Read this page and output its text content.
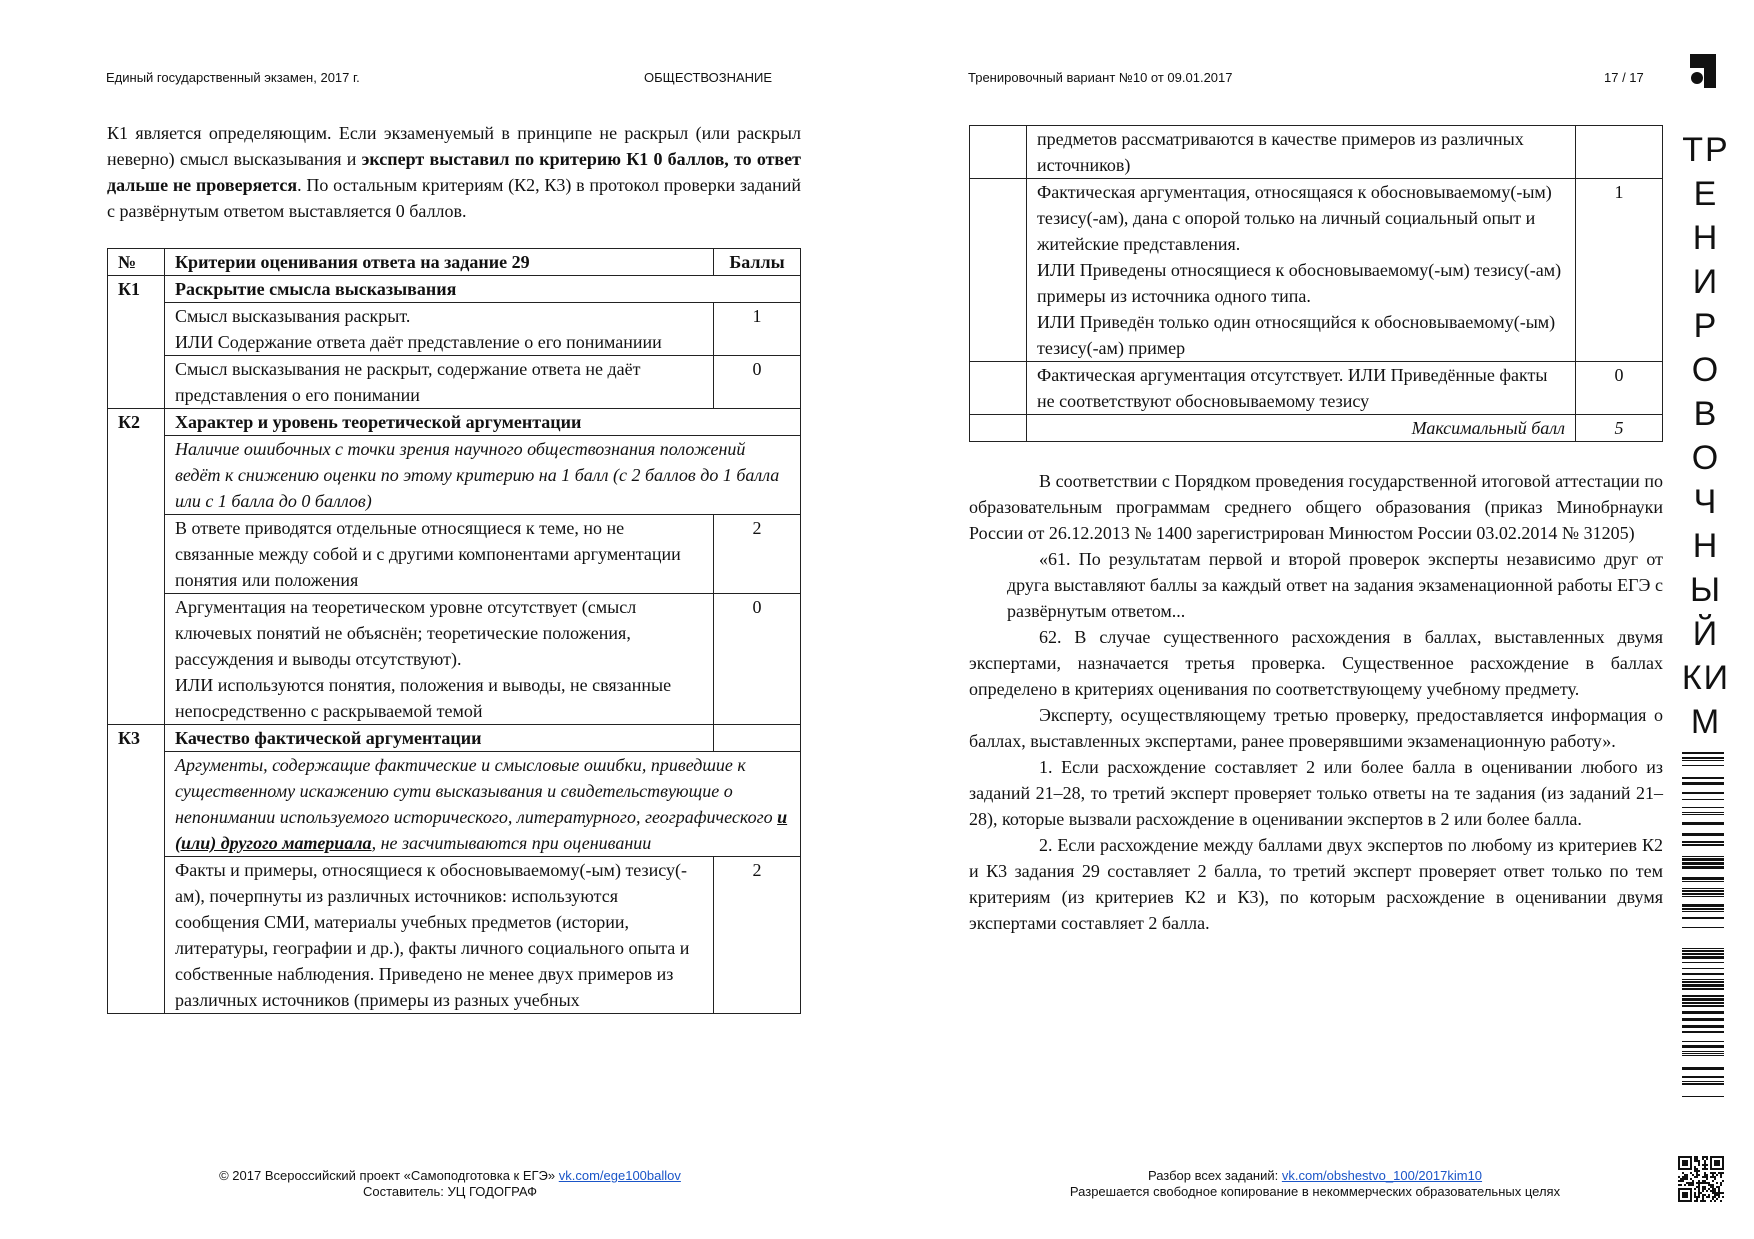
Единый государственный экзамен, 2017 г.	ОБЩЕСТВОЗНАНИЕ	Тренировочный вариант №10 от 09.01.2017	17 / 17

К1 является определяющим. Если экзаменуемый в принципе не раскрыл (или раскрыл неверно) смысл высказывания и эксперт выставил по критерию К1 0 баллов, то ответ дальше не проверяется. По остальным критериям (К2, К3) в протокол проверки заданий с развёрнутым ответом выставляется 0 баллов.

№	Критерии оценивания ответа на задание 29	Баллы
К1	Раскрытие смысла высказывания	

	Смысл высказывания раскрыт.
ИЛИ Содержание ответа даёт представление о его пониманиии	1
	Смысл высказывания не раскрыт, содержание ответа не даёт представления о его понимании	0
К2	Характер и уровень теоретической аргументации	
	Наличие ошибочных с точки зрения научного обществознания положений ведёт к снижению оценки по этому критерию на 1 балл (с 2 баллов до 1 балла или с 1 балла до 0 баллов)	
	В ответе приводятся отдельные относящиеся к теме, но не связанные между собой и с другими компонентами аргументации понятия или положения	2

	Аргументация на теоретическом уровне отсутствует (смысл ключевых понятий не объяснён; теоретические положения, рассуждения и выводы отсутствуют).
ИЛИ используются понятия, положения и выводы, не связанные непосредственно с раскрываемой темой	0
К3	Качество фактической аргументации	
	Аргументы, содержащие фактические и смысловые ошибки, приведшие к существенному искажению сути высказывания и свидетельствующие о непонимании используемого исторического, литературного, географического и (или) другого материала, не засчитываются при оценивании	
	Факты и примеры, относящиеся к обосновываемому(-ым) тезису(-ам), почерпнуты из различных источников: используются сообщения СМИ, материалы учебных предметов (истории, литературы, географии и др.), факты личного социального опыта и собственные наблюдения. Приведено не менее двух примеров из различных источников (примеры из разных учебных	2
	предметов рассматриваются в качестве примеров из различных источников)	

	Фактическая аргументация, относящаяся к обосновываемому(-ым) тезису(-ам), дана с опорой только на личный социальный опыт и житейские представления.
ИЛИ Приведены относящиеся к обосновываемому(-ым) тезису(-ам) примеры из источника одного типа.
ИЛИ Приведён только один относящийся к обосновываемому(-ым) тезису(-ам) пример	1
	Фактическая аргументация отсутствует. ИЛИ Приведённые факты не соответствуют обосновываемому тезису	0
	Максимальный балл	5

В соответствии с Порядком проведения государственной итоговой аттестации по образовательным программам среднего общего образования (приказ Минобрнауки России от 26.12.2013 № 1400 зарегистрирован Минюстом России 03.02.2014 № 31205)

«61. По результатам первой и второй проверок эксперты независимо друг от друга выставляют баллы за каждый ответ на задания экзаменационной работы ЕГЭ с развёрнутым ответом...

62. В случае существенного расхождения в баллах, выставленных двумя экспертами, назначается третья проверка. Существенное расхождение в баллах определено в критериях оценивания по соответствующему учебному предмету.

Эксперту, осуществляющему третью проверку, предоставляется информация о баллах, выставленных экспертами, ранее проверявшими экзаменационную работу».

1. Если расхождение составляет 2 или более балла в оценивании любого из заданий 21–28, то третий эксперт проверяет только ответы на те задания (из заданий 21–28), которые вызвали расхождение в оценивании экспертов в 2 или более балла.

2. Если расхождение между баллами двух экспертов по любому из критериев К2 и К3 задания 29 составляет 2 балла, то третий эксперт проверяет ответ только по тем критериям (из критериев К2 и К3), по которым расхождение в оценивании двумя экспертами составляет 2 балла.

ТР
Е
Н
И
Р
О
В
О
Ч
Н
Ы
Й
КИ
М
© 2017 Всероссийский проект «Самоподготовка к ЕГЭ» vk.com/ege100ballov
Составитель: УЦ ГОДОГРАФ
Разбор всех заданий: vk.com/obshestvo_100/2017kim10
Разрешается свободное копирование в некоммерческих образовательных целях
